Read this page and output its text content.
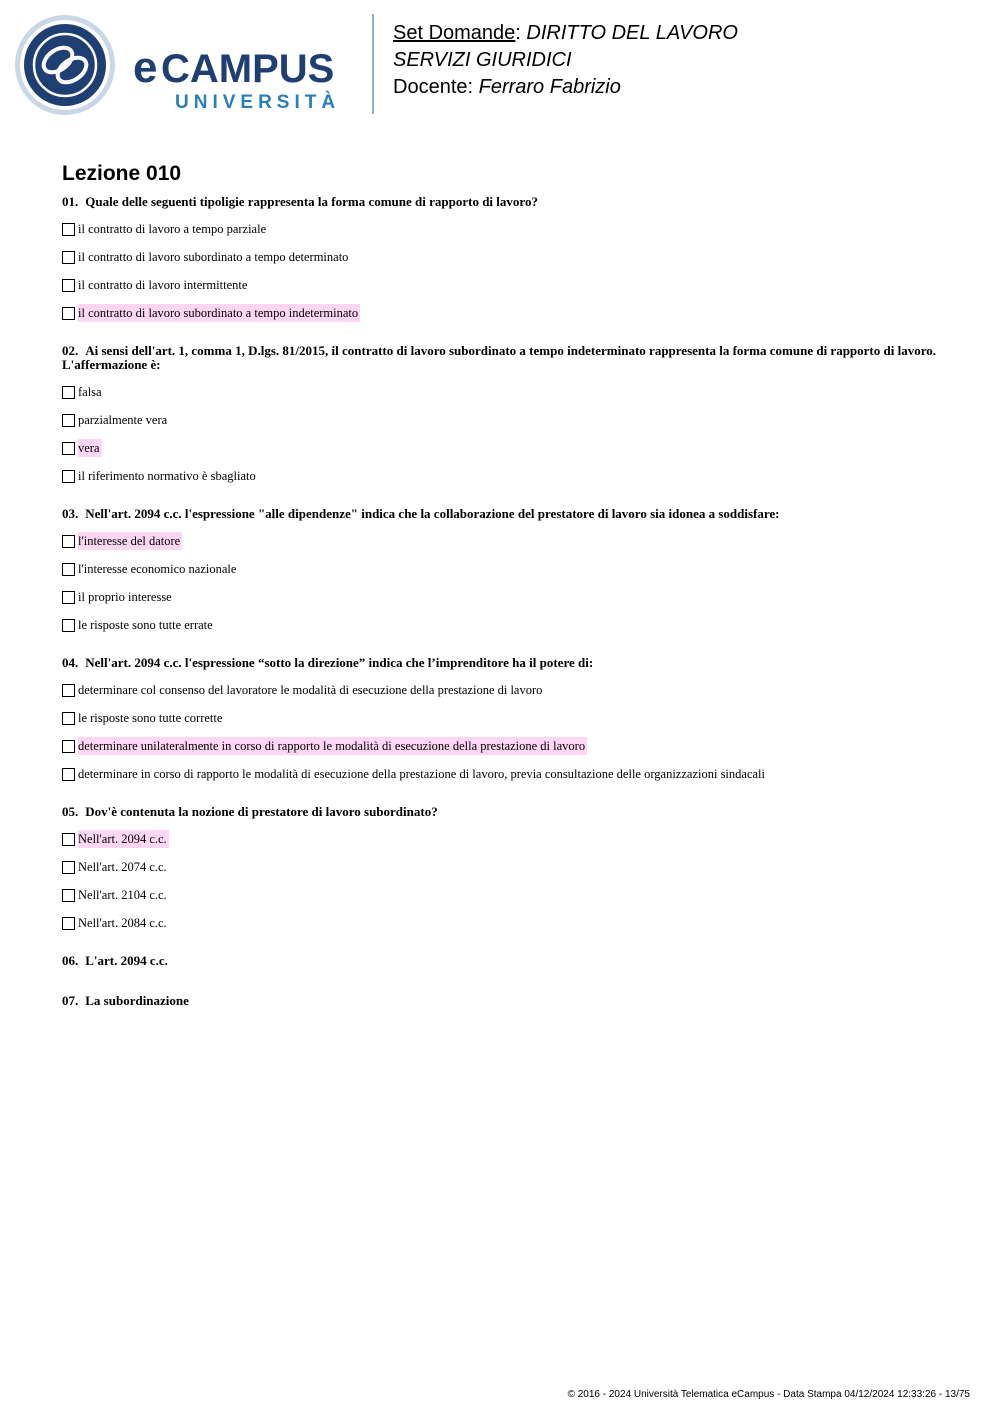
e CAMPUS
UNIVERSITÀ
Set Domande: DIRITTO DEL LAVORO
SERVIZI GIURIDICI
Docente: Ferraro Fabrizio
Lezione 010
01. Quale delle seguenti tipoligie rappresenta la forma comune di rapporto di lavoro?
il contratto di lavoro a tempo parziale
il contratto di lavoro subordinato a tempo determinato
il contratto di lavoro intermittente
il contratto di lavoro subordinato a tempo indeterminato
02. Ai sensi dell'art. 1, comma 1, D.lgs. 81/2015, il contratto di lavoro subordinato a tempo indeterminato rappresenta la forma comune di rapporto di lavoro. L'affermazione è:
falsa
parzialmente vera
vera
il riferimento normativo è sbagliato
03. Nell'art. 2094 c.c. l'espressione "alle dipendenze" indica che la collaborazione del prestatore di lavoro sia idonea a soddisfare:
l'interesse del datore
l'interesse economico nazionale
il proprio interesse
le risposte sono tutte errate
04. Nell'art. 2094 c.c. l'espressione “sotto la direzione” indica che l’imprenditore ha il potere di:
determinare col consenso del lavoratore le modalità di esecuzione della prestazione di lavoro
le risposte sono tutte corrette
determinare unilateralmente in corso di rapporto le modalità di esecuzione della prestazione di lavoro
determinare in corso di rapporto le modalità di esecuzione della prestazione di lavoro, previa consultazione delle organizzazioni sindacali
05. Dov'è contenuta la nozione di prestatore di lavoro subordinato?
Nell'art. 2094 c.c.
Nell'art. 2074 c.c.
Nell'art. 2104 c.c.
Nell'art. 2084 c.c.
06. L'art. 2094 c.c.
07. La subordinazione
© 2016 - 2024 Università Telematica eCampus - Data Stampa 04/12/2024 12:33:26 - 13/75
